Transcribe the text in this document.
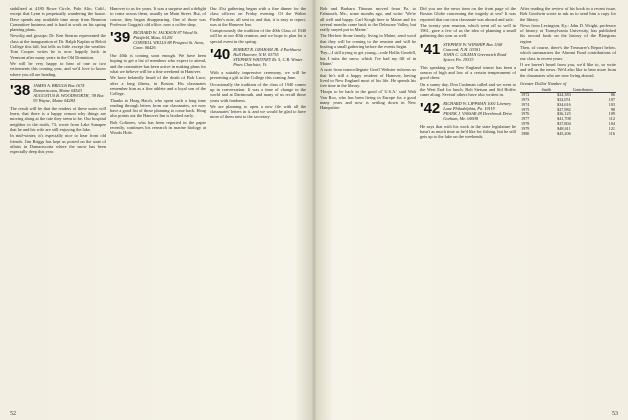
stabilized at 4180 Rowe Circle, Palo Alto, Calif., except that Lynn is perpetually wandering the house. Dave spends any available time away from Reunion Committee business and is hard at work on his spring planting plans.

Newslip and gossips: Dr. Ken Stearns represented the class at the inauguration of Dr. Ralph Kaplan at Beloit College this fall, but tells us little except the weather. Tom Cooper writes he is now happily back in Vermont after many years in the Old Dominion.

We will be very happy to hear of one or two retirements this coming year, and we'd love to know where you all are heading.

'38 JAMES A. BRIGGS Box 1674 Damariscotta, Maine 04543
AUGUSTUS B. WOODWORTH, '38 Box 93 Wayne, Maine 04284

The result will be that the readers of these notes will learn, that there is a happy reason why things are moving along at the rate they seem to be. Our hospital neighbor to the north, 73, wrote from Lake Sunapee that he and his wife are still enjoying the lake.

In mid-winter, it's especially nice to hear from old friends. Jim Briggs has kept us posted on the state of affairs in Damariscotta where the snow has been especially deep this year.

Hanover to us for years. It was a surprise and a delight to come across them, usually on Main Street. But, of course, they began disappearing. One of those was Professor Goggin's old office, now a coffee shop.

'39 RICHARD W. JACKSON 87 Wood St. Pittsfield, Mass. 01201
CORNELL WELLS 88 Prospect St. Avon, Conn. 06426

Our 40th is coming soon enough. We have been hoping to get a list of members who expect to attend, and the committee has been active in making plans for what we believe will be a fine weekend in Hanover.

We have belatedly heard of the death of Bob Luce, after a long illness, in Boston. His classmates remember him as a fine athlete and a loyal son of the College.

Thanks to Hoag Hatch, who spent such a long time reading through letters from our classmates, we now have a good list of those planning to come back. Hoag also points out the Hanover Inn is booked early.

Bob Cofinees, who has been reported in the paper recently, continues his research in marine biology at Woods Hole.

Our 41st gathering began with a fine dinner for the class officers on Friday evening. Of the Walter Fiedler's note, all sent in, and that, it is easy to report, was at the Hanover Inn.

Conspicuously the tradition of the 40th Class of 1940 will be at our 40th reunion, and we hope to plan for a special event in the spring.

'40 ROBERT R. GRAHAM JR. 4 Parkhurst Hall Hanover, N.H. 03755
STEPHEN WHITNEY Rt. 5, C.B. Winter Pines Charlotte, Vt.

With a suitably impressive ceremony, we will be presenting a gift to the College this coming June.

Occasionally the tradition of the class of 1940 comes up in conversation. It was a time of change in the world and at Dartmouth, and many of us recall those years with fondness.

We are planning to open a new file with all the classmates' letters in it, and we would be glad to have more of them sent to the secretary.

52

Bob and Barbara Thomas moved from Pa. to Falmouth, Me., some months ago, and write: 'We're all well and happy. Carl Krogh here to Maine and for several months came back to the Delaware Valley, but really stayed put in Maine.'

The Herbert Stone family, living in Maine, send word that they will be coming to the reunion and will be hosting a small gathering before the events begin.

'Pay—I still trying to get young—rode Hollis Goodell, but I miss the snow, which I've had my fill of in Maine.'

A note from intercollegiate Geoff Webster informs us that he's still a happy resident of Hanover, having lived in New England most of his life. He spends his free time in the library.

'Hoops to be back in the good ol' U.S.A.' said Walt Van Roo, who has been living in Europe for a good many years and now is settling down in New Hampshire.

Did you see the news item on the front page of the Boston Globe concerning the tragedy at sea? It was reported that our own classmate was aboard and safe.

The twenty year reunion, which went off so well in 1961, gave a few of us the idea of planning a small gathering this year as well.

'41 STEPHEN W. WINSHIP Box 1108 Concord, N.H. 03301
JOHN C. GILMAN Greenwich Road Spicer, Pa. 19333

This speaking you New England winter has been a season of high and low of a certain temperament of good cheer.

On a sunny day, Don Cushman called and we went to the West End for lunch. Bob Stetson and Sid Hoffer came along. Several others have also written in.

'42 RICHARD W. LIPPMAN 1001 Literary Lane Philadelphia, Pa. 19119
FRANK J. VASSAR 49 Deerbrook Drive Gorham, Me. 04038

He says that with his work in the state legislature he hasn't as much time as he'd like for fishing, but he still gets up to the lake on the weekends.

After reading the review of his book in a recent issue, Bob Goodwin wrote to ask us to send him a copy for the library.

News from Lexington, Ky.: John D. Wright, professor of history at Transylvania University, has published his second book on the history of the Bluegrass region.

Then, of course, there's the Treasurer's Report below, which summarizes the Alumni Fund contributions of our class in recent years.

If we haven't heard from you, we'd like to, so write and tell us the news. We'd also like to hear more from the classmates who are now living abroad.

Greater Dollar Number of
	Smith	Contributors
1972	$24,383	86
1973	$32,051	107
1974	$34,616	103
1975	$27,982	98
1976	$36,125	109
1977	$41,708	112
1978	$37,804	104
1979	$48,611	121
1980	$45,206	116
53
